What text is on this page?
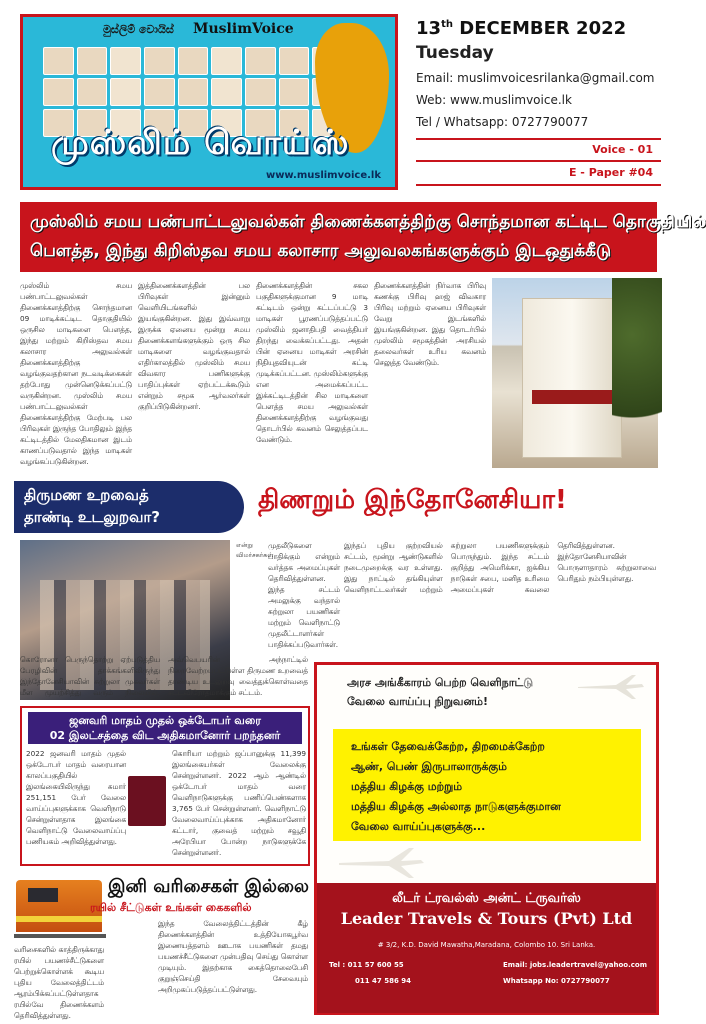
මුස්ලිම් වොයිස් MuslimVoice
முஸ்லிம் வொய்ஸ்
www.muslimvoice.lk
13th DECEMBER 2022
Tuesday
Email: muslimvoicesrilanka@gmail.com
Web: www.muslimvoice.lk
Tel / Whatsapp: 0727790077
Voice - 01
E - Paper #04
முஸ்லிம் சமய பண்பாட்டலுவல்கள் திணைக்களத்திற்கு சொந்தமான கட்டிட தொகுதியில்
பௌத்த, இந்து கிறிஸ்தவ சமய கலாசார அலுவலகங்களுக்கும் இடஒதுக்கீடு
முஸ்லிம் சமய பண்பாட்டலுவல்கள் திணைக்களத்திற்கு சொந்தமான 09 மாடிக்கட்டிட தொகுதியில் ஒருசில மாடிகளை பௌத்த, இந்து மற்றும் கிறிஸ்தவ சமய கலாசார அலுவல்கள் திணைக்களத்திற்கு வழங்குவதற்கான நடவடிக்கைகள் தற்போது முன்னெடுக்கப்பட்டு வருகின்றன. முஸ்லிம் சமய பண்பாட்டலுவல்கள் திணைக்களத்திற்கு மேற்படி பல பிரிவுகள் இருந்த போதிலும் இந்த கட்டிடத்தில் மேலதிகமான இடம் காணப்படுவதால் இந்த மாடிகள் வழங்கப்படுகின்றன.
இத்திணைக்களத்தின் பல பிரிவுகள் இன்னும் வெளியிடங்களில் இயங்குகின்றன. இது இவ்வாறு இருக்க ஏனைய மூன்று சமய திணைக்களங்களுக்கும் ஒரு சில மாடிகளை வழங்குவதால் எதிர்காலத்தில் முஸ்லிம் சமய விவகார பணிகளுக்கு பாதிப்புக்கள் ஏற்பட்டக்கூடும் என்றும் சமூக ஆர்வலர்கள் குறிப்பிடுகின்றனர்.
திணைக்களத்தின் சகல பகுதிகளுக்குமான 9 மாடி கட்டிடம் ஒன்று கட்டப்பட்டு 3 மாடிகள் பூரணப்படுத்தப்பட்டு முஸ்லிம் ஜனாதிபதி வைத்தியர் திறந்து வைக்கப்பட்டது. அதன் பின் ஏனைய மாடிகள் அரசின் நிதியுதவியுடன் கட்டி முடிக்கப்பட்டன. முஸ்லிம்களுக்கு என அமைக்கப்பட்ட இக்கட்டிடத்தின் சில மாடிகளை பௌத்த சமய அலுவல்கள் திணைக்களத்திற்கு வழங்குவது தொடர்பில் கவனம் செலுத்தப்பட வேண்டும்.
திணைக்களத்தின் நிர்வாக பிரிவு கணக்கு பிரிவு ஹஜ் விவகார பிரிவு மற்றும் ஏனைய பிரிவுகள் வேறு இடங்களில் இயங்குகின்றன. இது தொடர்பில் முஸ்லிம் சமூகத்தின் அரசியல் தலைவர்கள் உரிய கவனம் செலுத்த வேண்டும்.
திருமண உறவைத்
தாண்டி உடலுறவா?
திணறும் இந்தோனேசியா!
என்று விமர்சகர்கள்
முதலீடுகளை பாதிக்கும் என்றும் வர்த்தக அமைப்புகள் தெரிவித்துள்ளன. இந்த சட்டம் அமலுக்கு வந்தால் சுற்றுலா பயணிகள் மற்றும் வெளிநாட்டு முதலீட்டாளர்கள் பாதிக்கப்படுவார்கள்.
இந்தப் புதிய குற்றவியல் சட்டம், மூன்று ஆண்டுகளில் நடைமுறைக்கு வர உள்ளது. இது நாட்டில் தங்கியுள்ள வெளிநாட்டவர்கள் மற்றும் சுற்றுலா பயணிகளுக்கும் பொருந்தும். இந்த சட்டம் குறித்து அமெரிக்கா, ஐக்கிய நாடுகள் சபை, மனித உரிமை அமைப்புகள் கவலை தெரிவித்துள்ளன. இந்தோனேசியாவின் பொருளாதாரம் சுற்றுலாவை பெரிதும் நம்பியுள்ளது.
கொரோனா பெருந்தொற்று ஏற்படுத்திய பேரழிவின் தாக்கங்களிலிருந்து இந்தோனேசியாவின் சுற்றுலா முகவர்கள் மீள முயற்சித்து வரும் நிலையில், அவ்வெபயரின் அந்நாட்டில் நிறைவேற்றப்பட்டுள்ள திருமண உறவைத் தாண்டிய உடலுறவு வைத்துக்கொள்வதை சட்டவிரோதமாக்கும் சட்டம்.
ஜனவரி மாதம் முதல் ஒக்டோபர் வரை
02 இலட்சத்தை விட அதிகமானோர் பறந்தனர்
2022 ஜனவரி மாதம் முதல் ஒக்டோபர் மாதம் வரையான காலப்பகுதியில் இலங்கையிலிருந்து சுமார் 251,151 பேர் வேலை வாய்ப்புகளுக்காக வெளிநாடு சென்றுள்ளதாக இலங்கை வெளிநாட்டு வேலைவாய்ப்பு பணியகம் அறிவித்துள்ளது.
கொரியா மற்றும் ஜப்பானுக்கு 11,399 இலங்கையர்கள் வேலைக்கு சென்றுள்ளனர். 2022 ஆம் ஆண்டில் ஒக்டோபர் மாதம் வரை வெளிநாடுகளுக்கு பணிப்பெண்களாக 3,765 பேர் சென்றுள்ளனர். வெளிநாட்டு வேலைவாய்ப்புக்காக அதிகமானோர் கட்டார், குவைத் மற்றும் சவூதி அரேபியா போன்ற நாடுகளுக்கே சென்றுள்ளனர்.
இனி வரிசைகள் இல்லை
ரயில் சீட்டுகள் உங்கள் கைகளில்
வரிசைகளில் காத்திருக்காது ரயில் பயணச்சீட்டுகளை பெற்றுக்கொள்ளக் கூடிய புதிய வேலைத்திட்டம் ஆரம்பிக்கப்பட்டுள்ளதாக ரயில்வே திணைக்களம் தெரிவித்துள்ளது.
இந்த வேலைத்திட்டத்தின் கீழ் திணைக்களத்தின் உத்தியோகபூர்வ இணையத்தளம் ஊடாக பயணிகள் தமது பயணச்சீட்டுகளை முன்பதிவு செய்து கொள்ள முடியும். இதற்காக கைத்தொலைபேசி குறுஞ்செய்தி சேவையும் அறிமுகப்படுத்தப்பட்டுள்ளது.
அரச அங்கீகாரம் பெற்ற வெளிநாட்டு
வேலை வாய்ப்பு நிறுவனம்!
உங்கள் தேவைக்கேற்ற, திறமைக்கேற்ற
ஆண், பெண் இருபாலாருக்கும்
மத்திய கிழக்கு மற்றும்
மத்திய கிழக்கு அல்லாத நாடுகளுக்குமான
வேலை வாய்ப்புகளுக்கு...
லீடர் ட்ரவல்ஸ் அன்ட் ட்ருவர்ஸ்
Leader Travels & Tours (Pvt) Ltd
# 3/2, K.D. David Mawatha,Maradana, Colombo 10. Sri Lanka.
Tel : 011 57 600 55
011 47 586 94
Email: jobs.leadertravel@yahoo.com
Whatsapp No: 0727790077
